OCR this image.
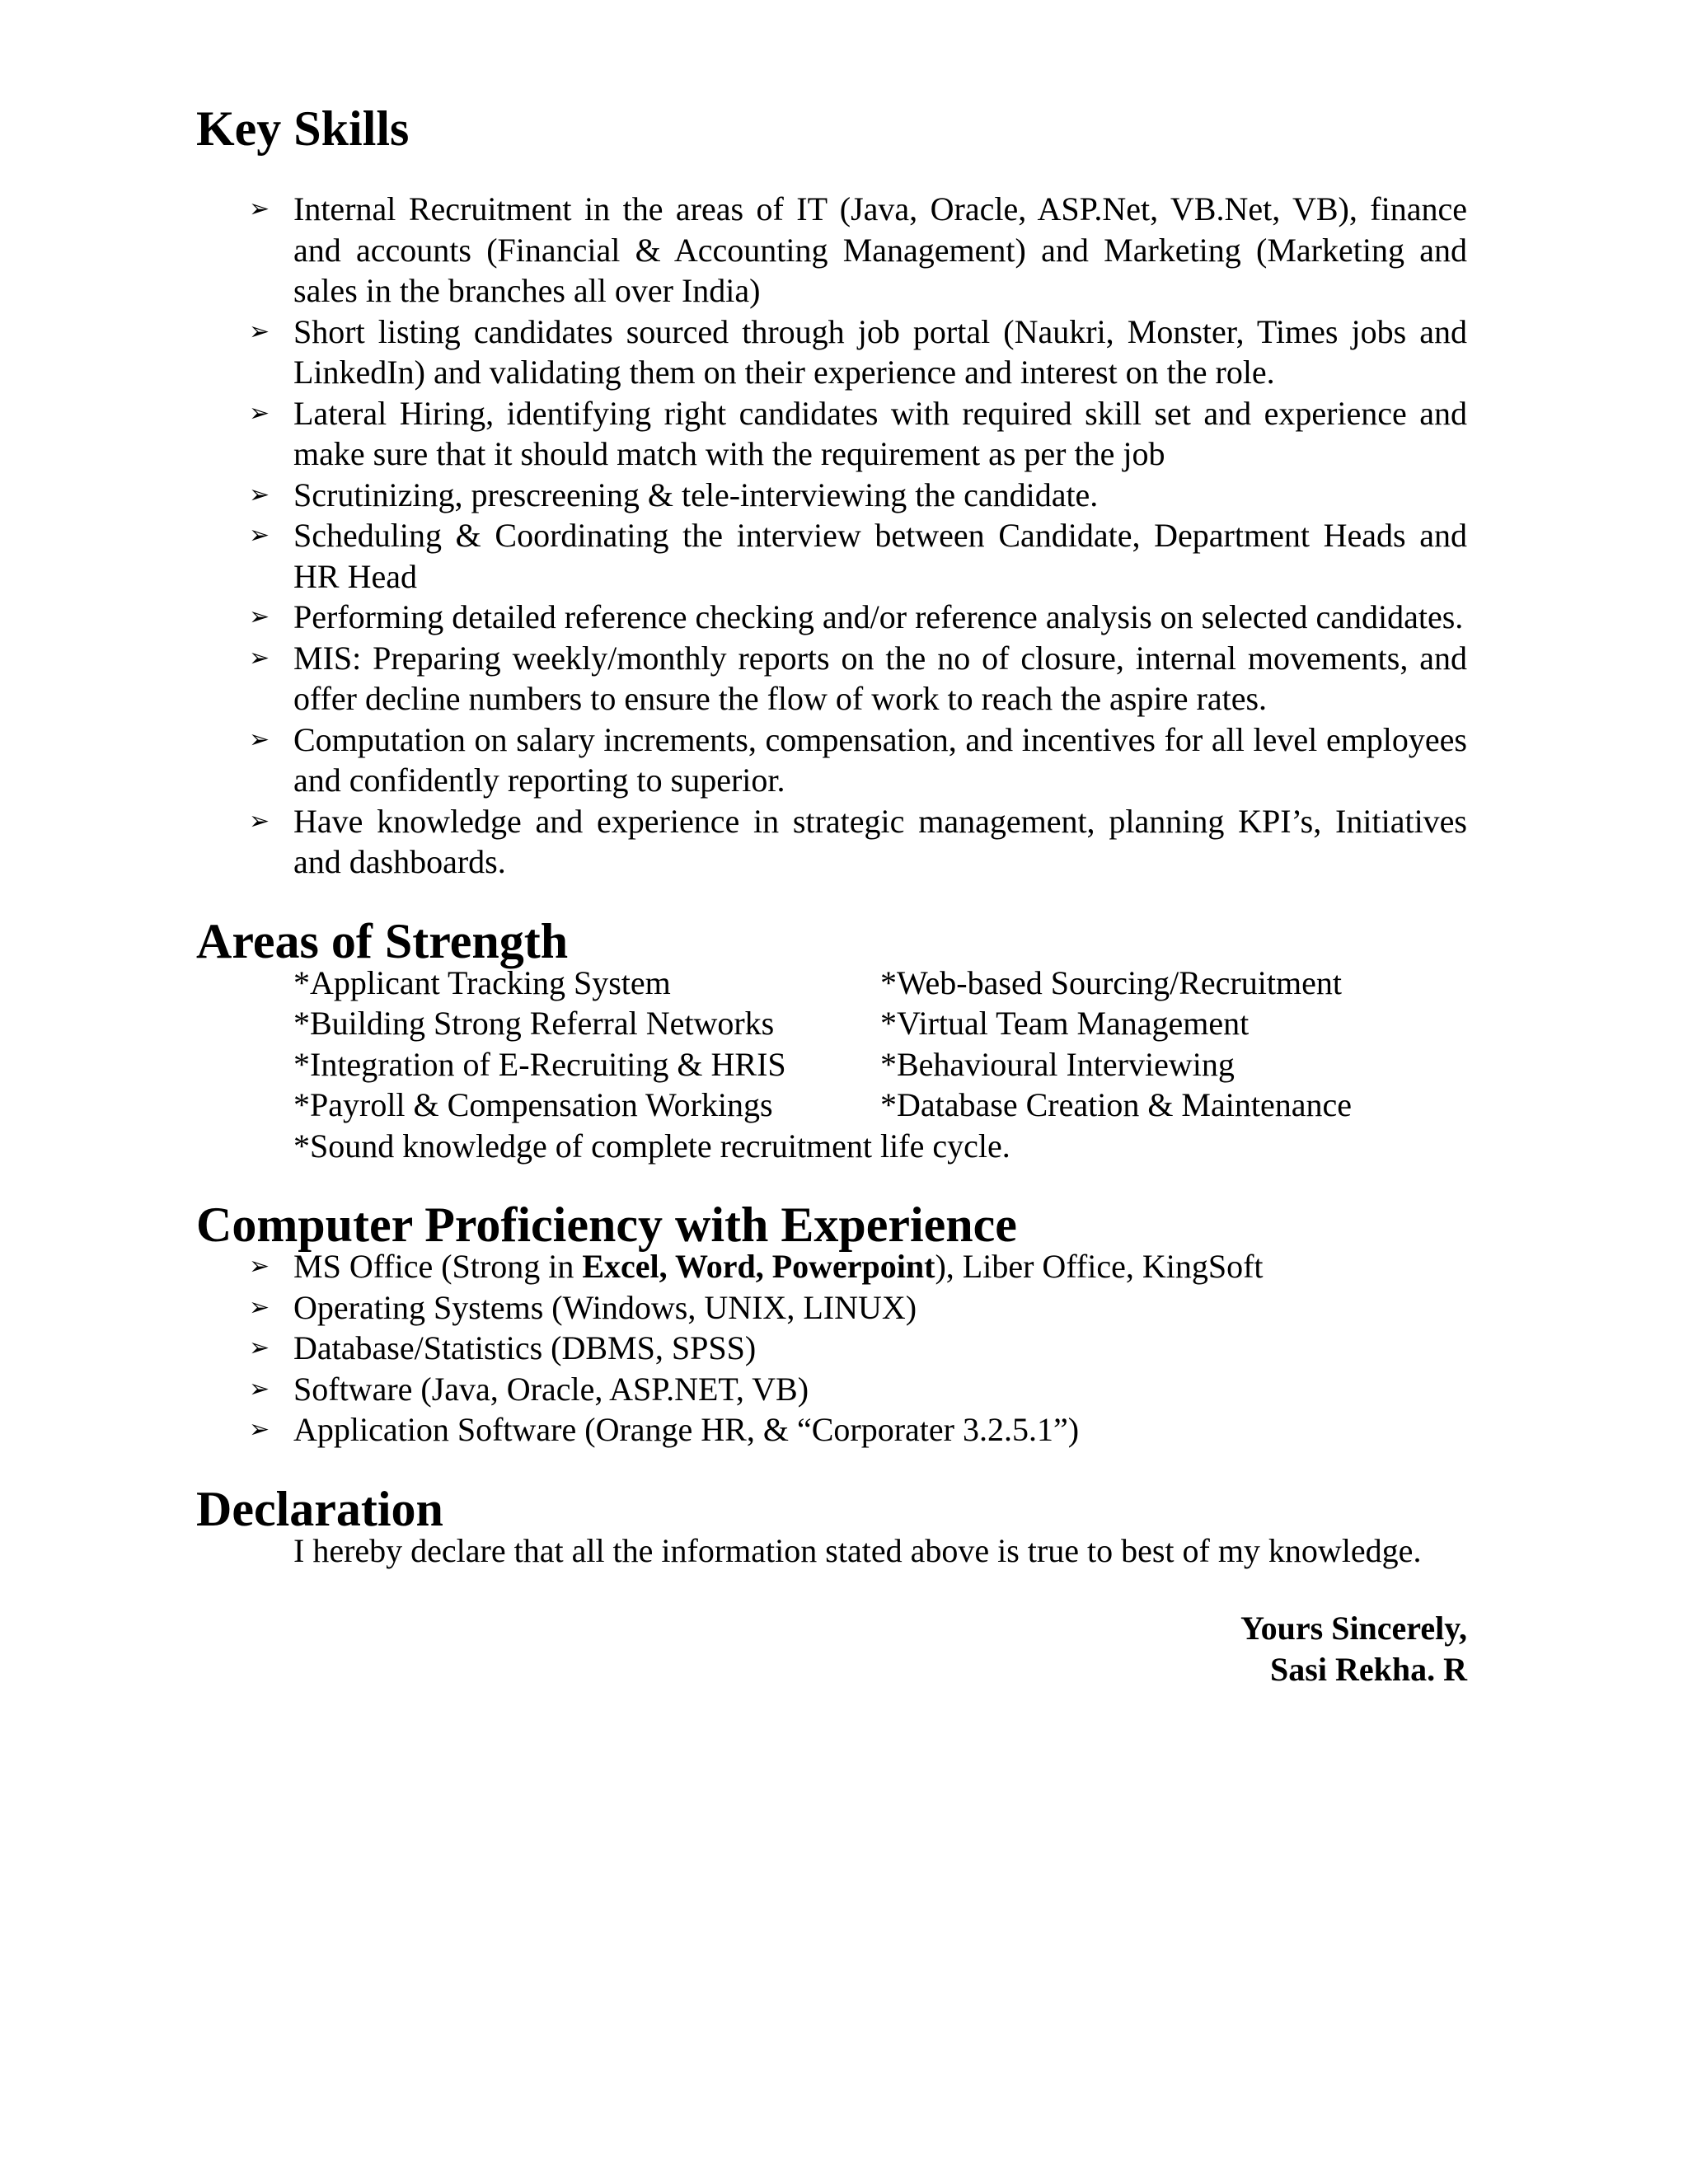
Key Skills
➢ Internal Recruitment in the areas of IT (Java, Oracle, ASP.Net, VB.Net, VB), finance and accounts (Financial & Accounting Management) and Marketing (Marketing and sales in the branches all over India)
➢ Short listing candidates sourced through job portal (Naukri, Monster, Times jobs and LinkedIn) and validating them on their experience and interest on the role.
➢ Lateral Hiring, identifying right candidates with required skill set and experience and make sure that it should match with the requirement as per the job
➢ Scrutinizing, prescreening & tele-interviewing the candidate.
➢ Scheduling & Coordinating the interview between Candidate, Department Heads and HR Head
➢ Performing detailed reference checking and/or reference analysis on selected candidates.
➢ MIS: Preparing weekly/monthly reports on the no of closure, internal movements, and offer decline numbers to ensure the flow of work to reach the aspire rates.
➢ Computation on salary increments, compensation, and incentives for all level employees and confidently reporting to superior.
➢ Have knowledge and experience in strategic management, planning KPI’s, Initiatives and dashboards.
Areas of Strength
*Applicant Tracking System	*Web-based Sourcing/Recruitment
*Building Strong Referral Networks	*Virtual Team Management
*Integration of E-Recruiting & HRIS	*Behavioural Interviewing
*Payroll & Compensation Workings	*Database Creation & Maintenance
*Sound knowledge of complete recruitment life cycle.
Computer Proficiency with Experience
➢ MS Office (Strong in Excel, Word, Powerpoint), Liber Office, KingSoft
➢ Operating Systems (Windows, UNIX, LINUX)
➢ Database/Statistics (DBMS, SPSS)
➢ Software (Java, Oracle, ASP.NET, VB)
➢ Application Software (Orange HR, & “Corporater 3.2.5.1”)
Declaration

I hereby declare that all the information stated above is true to best of my knowledge.

Yours Sincerely,
Sasi Rekha. R
